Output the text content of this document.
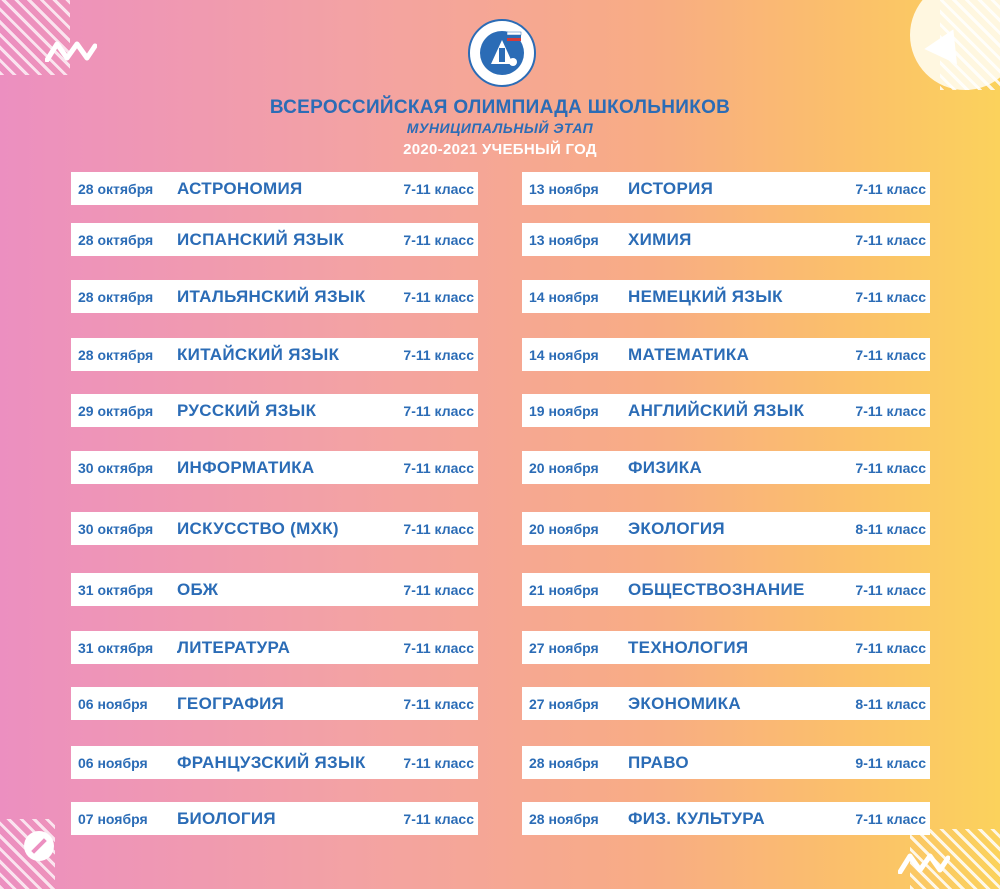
ВСЕРОССИЙСКАЯ ОЛИМПИАДА ШКОЛЬНИКОВ
МУНИЦИПАЛЬНЫЙ ЭТАП
2020-2021 УЧЕБНЫЙ ГОД
28 октября АСТРОНОМИЯ	7-11 класс
28 октября ИСПАНСКИЙ ЯЗЫК	7-11 класс
28 октября ИТАЛЬЯНСКИЙ ЯЗЫК	7-11 класс
28 октября КИТАЙСКИЙ ЯЗЫК	7-11 класс
29 октября РУССКИЙ ЯЗЫК	7-11 класс
30 октября ИНФОРМАТИКА	7-11 класс
30 октября ИСКУССТВО (МХК)	7-11 класс
31 октября ОБЖ	7-11 класс
31 октября ЛИТЕРАТУРА	7-11 класс
06 ноября ГЕОГРАФИЯ	7-11 класс
06 ноября ФРАНЦУЗСКИЙ ЯЗЫК	7-11 класс
07 ноября БИОЛОГИЯ	7-11 класс
13 ноября ИСТОРИЯ	7-11 класс
13 ноября ХИМИЯ	7-11 класс
14 ноября НЕМЕЦКИЙ ЯЗЫК	7-11 класс
14 ноября МАТЕМАТИКА	7-11 класс
19 ноября АНГЛИЙСКИЙ ЯЗЫК	7-11 класс
20 ноября ФИЗИКА	7-11 класс
20 ноября ЭКОЛОГИЯ	8-11 класс
21 ноября ОБЩЕСТВОЗНАНИЕ	7-11 класс
27 ноября ТЕХНОЛОГИЯ	7-11 класс
27 ноября ЭКОНОМИКА	8-11 класс
28 ноября ПРАВО	9-11 класс
28 ноября ФИЗ. КУЛЬТУРА	7-11 класс
